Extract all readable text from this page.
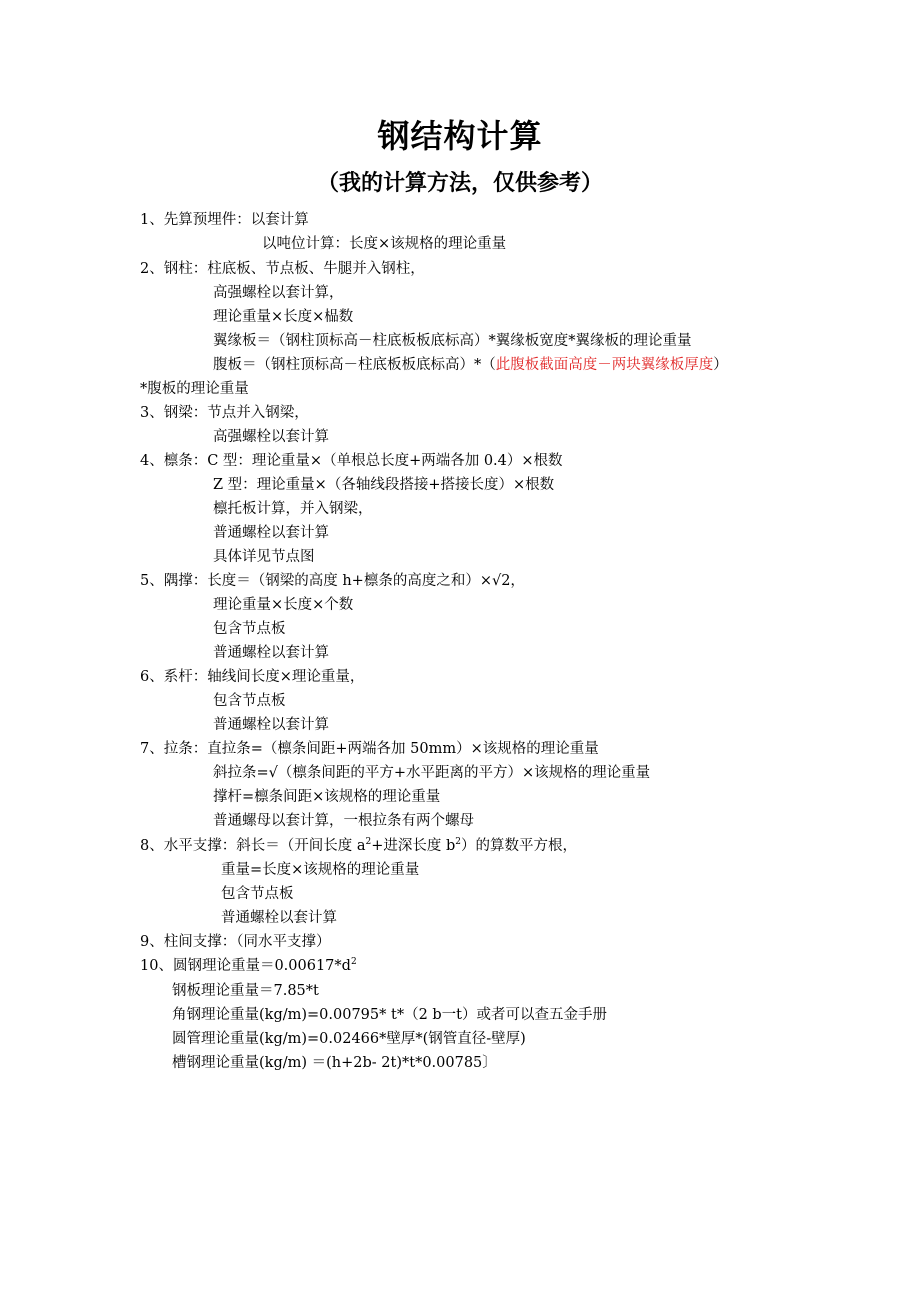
钢结构计算
（我的计算方法，仅供参考）
1、先算预埋件：以套计算
以吨位计算：长度×该规格的理论重量
2、钢柱：柱底板、节点板、牛腿并入钢柱，
高强螺栓以套计算，
理论重量×长度×榀数
翼缘板＝（钢柱顶标高－柱底板板底标高）*翼缘板宽度*翼缘板的理论重量
腹板＝（钢柱顶标高－柱底板板底标高）*（此腹板截面高度－两块翼缘板厚度）
*腹板的理论重量
3、钢梁：节点并入钢梁，
高强螺栓以套计算
4、檩条：C 型：理论重量×（单根总长度+两端各加 0.4）×根数
Z 型：理论重量×（各轴线段搭接+搭接长度）×根数
檩托板计算，并入钢梁，
普通螺栓以套计算
具体详见节点图
5、隅撑：长度＝（钢梁的高度 h+檩条的高度之和）×√2，
理论重量×长度×个数
包含节点板
普通螺栓以套计算
6、系杆：轴线间长度×理论重量，
包含节点板
普通螺栓以套计算
7、拉条：直拉条=（檩条间距+两端各加 50mm）×该规格的理论重量
斜拉条=√（檩条间距的平方+水平距离的平方）×该规格的理论重量
撑杆=檩条间距×该规格的理论重量
普通螺母以套计算，一根拉条有两个螺母
8、水平支撑：斜长＝（开间长度 $a^2+$进深长度 $b^2$）的算数平方根，
重量=长度×该规格的理论重量
包含节点板
普通螺栓以套计算
9、柱间支撑：（同水平支撑）
10、圆钢理论重量$=0.00617*d^2$
钢板理论重量＝7.85*t
角钢理论重量(kg/m)=0.00795* t*（2 b一t）或者可以查五金手册
圆管理论重量(kg/m)=0.02466*壁厚*(钢管直径-壁厚)
槽钢理论重量(kg/m) ＝(h+2b- 2t)*t*0.00785〕
